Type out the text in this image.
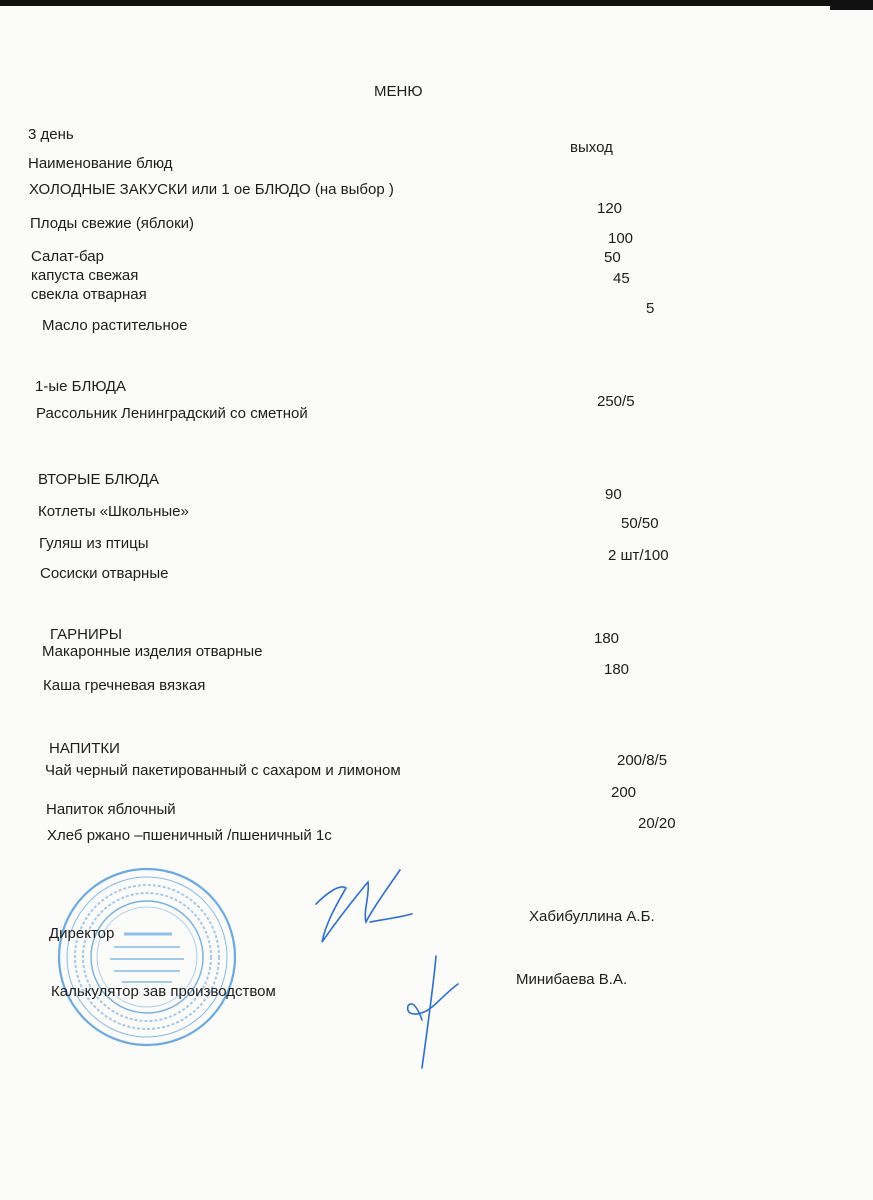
МЕНЮ
3 день
Наименование блюд
выход
ХОЛОДНЫЕ ЗАКУСКИ или 1 ое БЛЮДО (на выбор )
Плоды свежие (яблоки)
120
Салат-бар
100
капуста свежая
50
свекла отварная
45
Масло растительное
5
1-ые БЛЮДА
Рассольник Ленинградский со сметной
250/5
ВТОРЫЕ БЛЮДА
Котлеты «Школьные»
90
Гуляш из птицы
50/50
Сосиски отварные
2 шт/100
ГАРНИРЫ
Макаронные изделия отварные
180
Каша гречневая вязкая
180
НАПИТКИ
Чай черный пакетированный с сахаром и лимоном
200/8/5
Напиток яблочный
200
Хлеб ржано –пшеничный /пшеничный 1с
20/20
Директор
Хабибуллина А.Б.
Калькулятор зав производством
Минибаева В.А.
